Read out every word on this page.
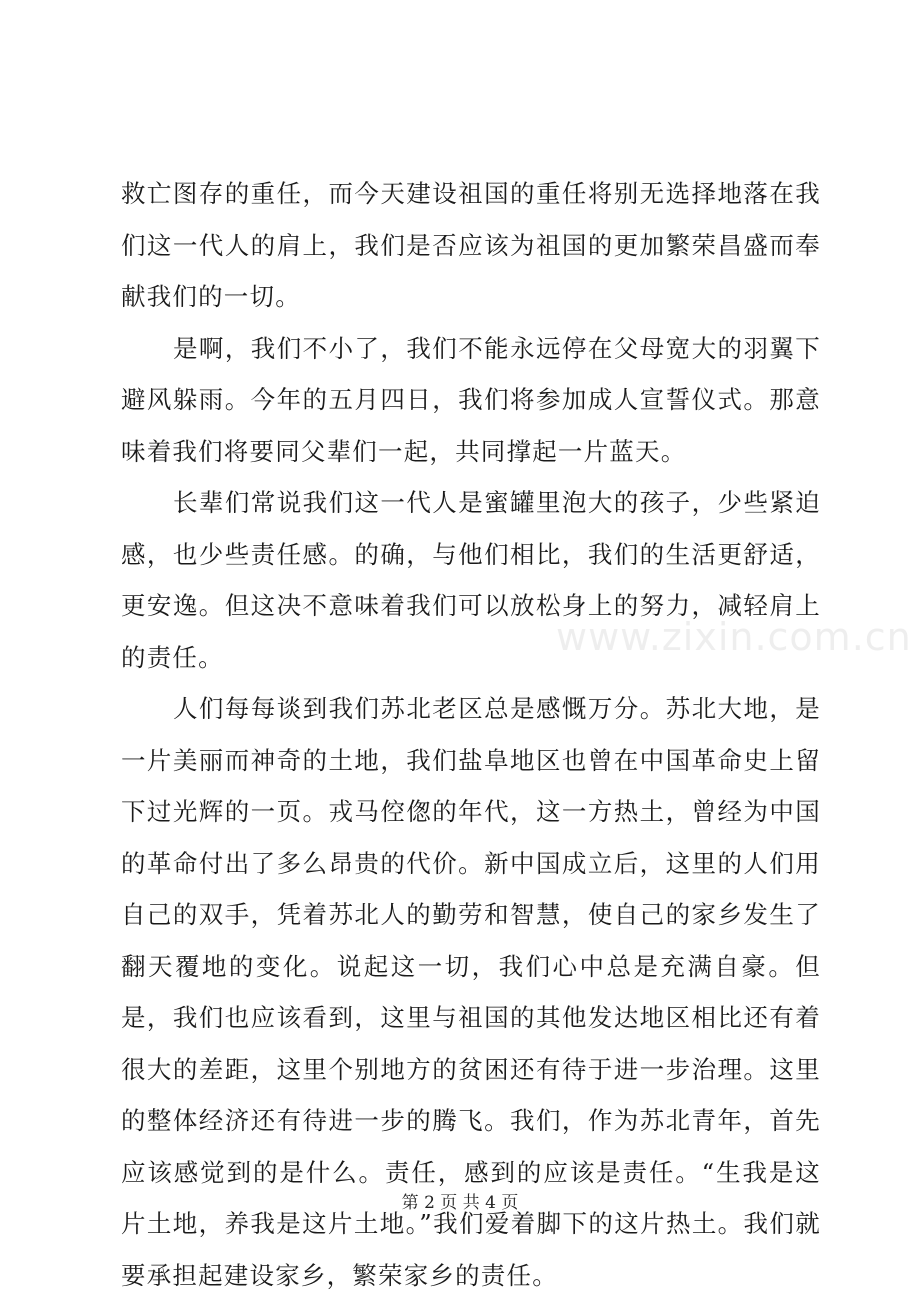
救亡图存的重任，而今天建设祖国的重任将别无选择地落在我们这一代人的肩上，我们是否应该为祖国的更加繁荣昌盛而奉献我们的一切。

是啊，我们不小了，我们不能永远停在父母宽大的羽翼下避风躲雨。今年的五月四日，我们将参加成人宣誓仪式。那意味着我们将要同父辈们一起，共同撑起一片蓝天。

长辈们常说我们这一代人是蜜罐里泡大的孩子，少些紧迫感，也少些责任感。的确，与他们相比，我们的生活更舒适，更安逸。但这决不意味着我们可以放松身上的努力，减轻肩上的责任。

人们每每谈到我们苏北老区总是感慨万分。苏北大地，是一片美丽而神奇的土地，我们盐阜地区也曾在中国革命史上留下过光辉的一页。戎马倥偬的年代，这一方热土，曾经为中国的革命付出了多么昂贵的代价。新中国成立后，这里的人们用自己的双手，凭着苏北人的勤劳和智慧，使自己的家乡发生了翻天覆地的变化。说起这一切，我们心中总是充满自豪。但是，我们也应该看到，这里与祖国的其他发达地区相比还有着很大的差距，这里个别地方的贫困还有待于进一步治理。这里的整体经济还有待进一步的腾飞。我们，作为苏北青年，首先应该感觉到的是什么。责任，感到的应该是责任。“生我是这片土地，养我是这片土地。”我们爱着脚下的这片热土。我们就要承担起建设家乡，繁荣家乡的责任。

www.zixin.com.cn
第 2 页 共 4 页
